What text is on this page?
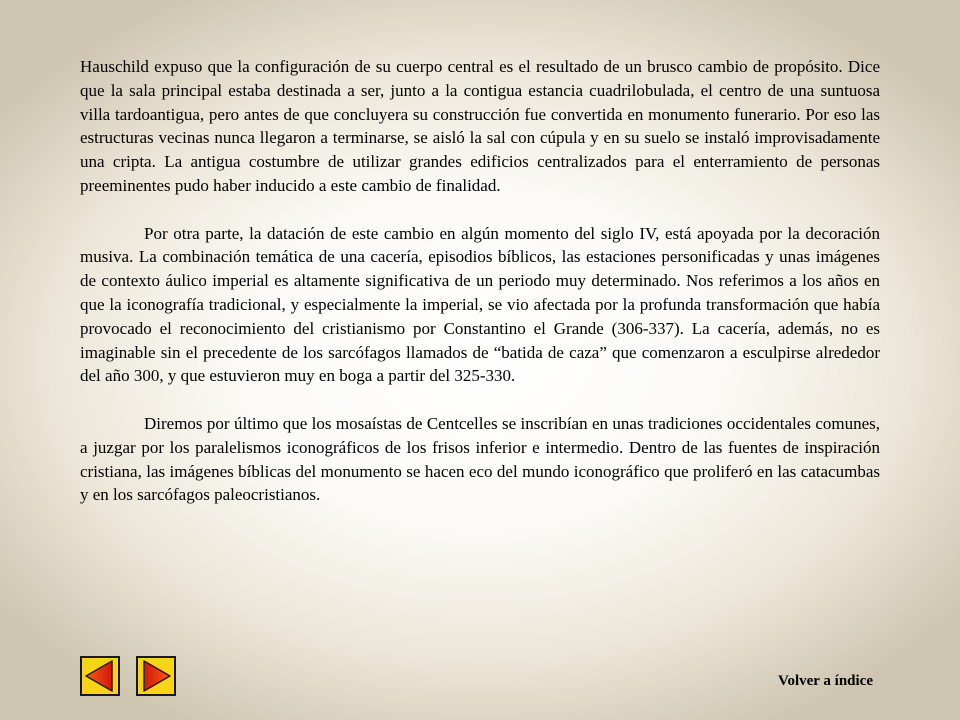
Hauschild expuso que la configuración de su cuerpo central es el resultado de un brusco cambio de propósito. Dice que la sala principal estaba destinada a ser, junto a la contigua estancia cuadrilobulada, el centro de una suntuosa villa tardoantigua, pero antes de que concluyera su construcción fue convertida en monumento funerario. Por eso las estructuras vecinas nunca llegaron a terminarse, se aisló la sal con cúpula y en su suelo se instaló improvisadamente una cripta. La antigua costumbre de utilizar grandes edificios centralizados para el enterramiento de personas preeminentes pudo haber inducido a este cambio de finalidad.

Por otra parte, la datación de este cambio en algún momento del siglo IV, está apoyada por la decoración musiva. La combinación temática de una cacería, episodios bíblicos, las estaciones personificadas y unas imágenes de contexto áulico imperial es altamente significativa de un periodo muy determinado. Nos referimos a los años en que la iconografía tradicional, y especialmente la imperial, se vio afectada por la profunda transformación que había provocado el reconocimiento del cristianismo por Constantino el Grande (306-337). La cacería, además, no es imaginable sin el precedente de los sarcófagos llamados de “batida de caza” que comenzaron a esculpirse alrededor del año 300, y que estuvieron muy en boga a partir del 325-330.

Diremos por último que los mosaístas de Centcelles se inscribían en unas tradiciones occidentales comunes, a juzgar por los paralelismos iconográficos de los frisos inferior e intermedio. Dentro de las fuentes de inspiración cristiana, las imágenes bíblicas del monumento se hacen eco del mundo iconográfico que proliferó en las catacumbas y en los sarcófagos paleocristianos.

Volver a índice
